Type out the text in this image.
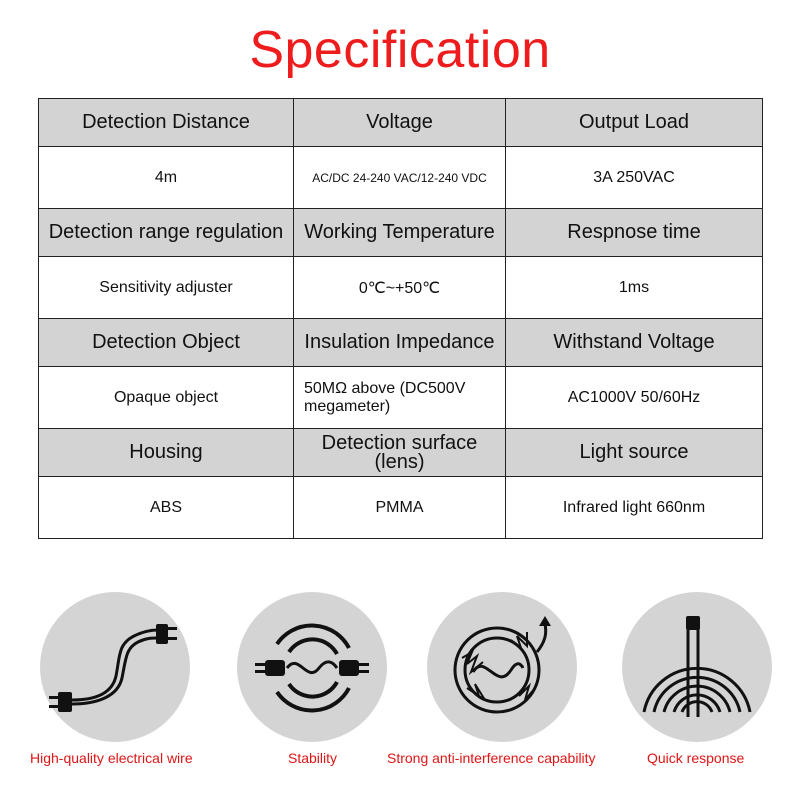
Specification
Detection Distance	Voltage	Output Load
4m	AC/DC 24-240 VAC/12-240 VDC	3A 250VAC
Detection range regulation	Working Temperature	Respnose time
Sensitivity adjuster	0℃~+50℃	1ms
Detection Object	Insulation Impedance	Withstand Voltage
Opaque object	50MΩ above (DC500V megameter)	AC1000V 50/60Hz
Housing	Detection surface (lens)	Light source
ABS	PMMA	Infrared light 660nm
High-quality electrical wire	Stability	Strong anti-interference capability	Quick response
